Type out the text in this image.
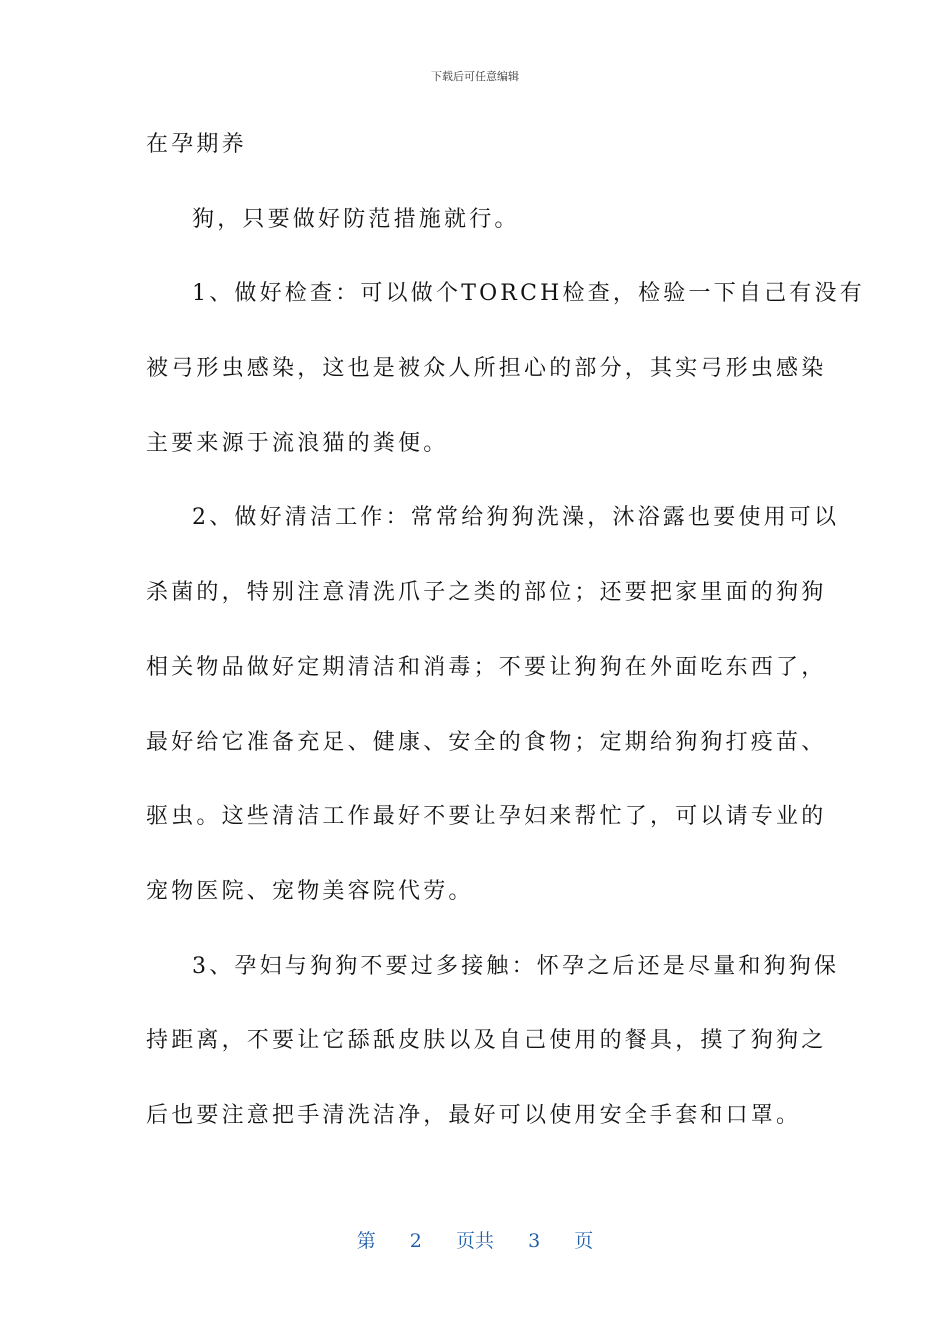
下载后可任意编辑
在孕期养
狗，只要做好防范措施就行。
1、做好检查：可以做个TORCH检查，检验一下自己有没有
被弓形虫感染，这也是被众人所担心的部分，其实弓形虫感染
主要来源于流浪猫的粪便。
2、做好清洁工作：常常给狗狗洗澡，沐浴露也要使用可以
杀菌的，特别注意清洗爪子之类的部位；还要把家里面的狗狗
相关物品做好定期清洁和消毒；不要让狗狗在外面吃东西了，
最好给它准备充足、健康、安全的食物；定期给狗狗打疫苗、
驱虫。这些清洁工作最好不要让孕妇来帮忙了，可以请专业的
宠物医院、宠物美容院代劳。
3、孕妇与狗狗不要过多接触：怀孕之后还是尽量和狗狗保
持距离，不要让它舔舐皮肤以及自己使用的餐具，摸了狗狗之
后也要注意把手清洗洁净，最好可以使用安全手套和口罩。
第 2 页共 3 页
